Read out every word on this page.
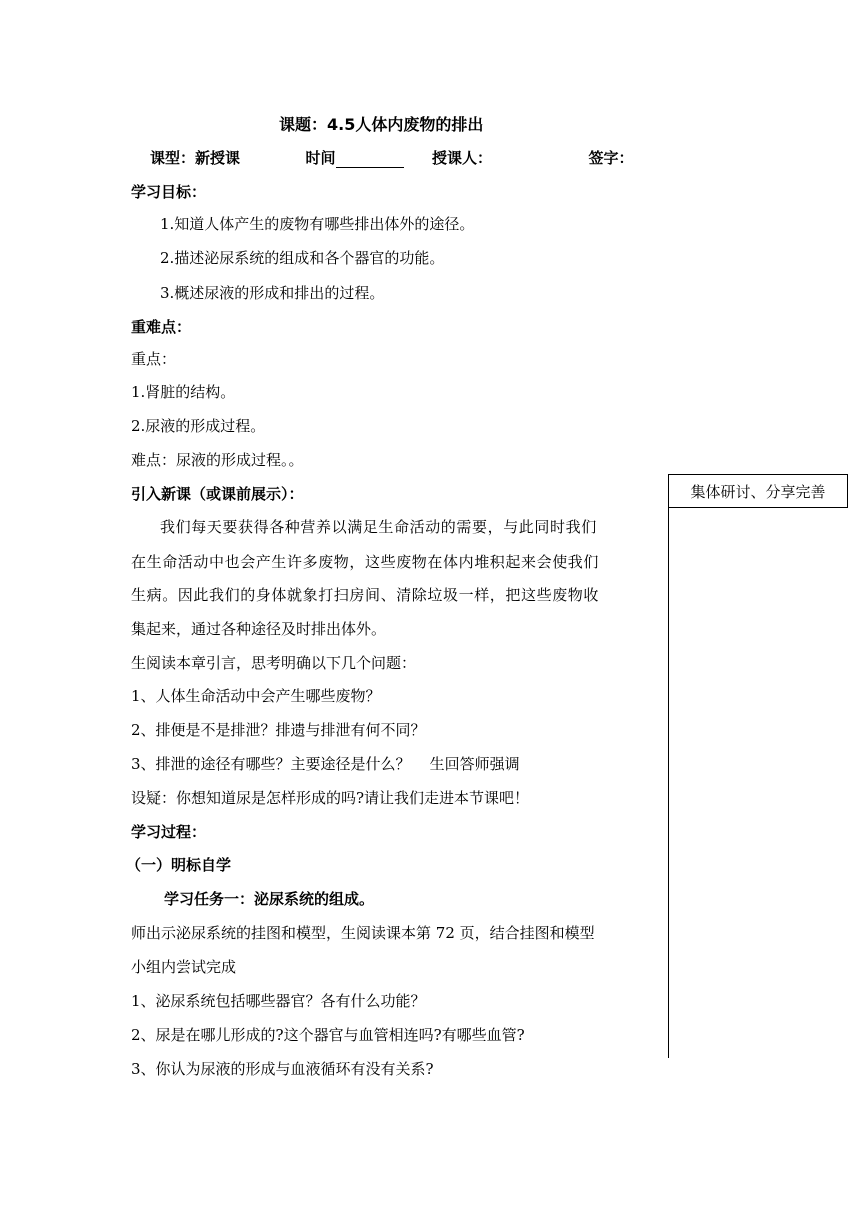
课题：4.5人体内废物的排出
课型：新授课	时间	授课人：	签字：
学习目标：
1.知道人体产生的废物有哪些排出体外的途径。
2.描述泌尿系统的组成和各个器官的功能。
3.概述尿液的形成和排出的过程。
重难点：
重点：
1.肾脏的结构。
2.尿液的形成过程。
难点：尿液的形成过程。。
引入新课（或课前展示）：
我们每天要获得各种营养以满足生命活动的需要，与此同时我们
在生命活动中也会产生许多废物，这些废物在体内堆积起来会使我们
生病。因此我们的身体就象打扫房间、清除垃圾一样，把这些废物收
集起来，通过各种途径及时排出体外。
生阅读本章引言，思考明确以下几个问题：
1、人体生命活动中会产生哪些废物？
2、排便是不是排泄？排遗与排泄有何不同？
3、排泄的途径有哪些？主要途径是什么？    生回答师强调
设疑：你想知道尿是怎样形成的吗?请让我们走进本节课吧！
学习过程：
（一）明标自学
学习任务一：泌尿系统的组成。
师出示泌尿系统的挂图和模型，生阅读课本第 72 页，结合挂图和模型
小组内尝试完成
1、泌尿系统包括哪些器官？各有什么功能？
2、尿是在哪儿形成的?这个器官与血管相连吗?有哪些血管?
3、你认为尿液的形成与血液循环有没有关系?
集体研讨、分享完善
